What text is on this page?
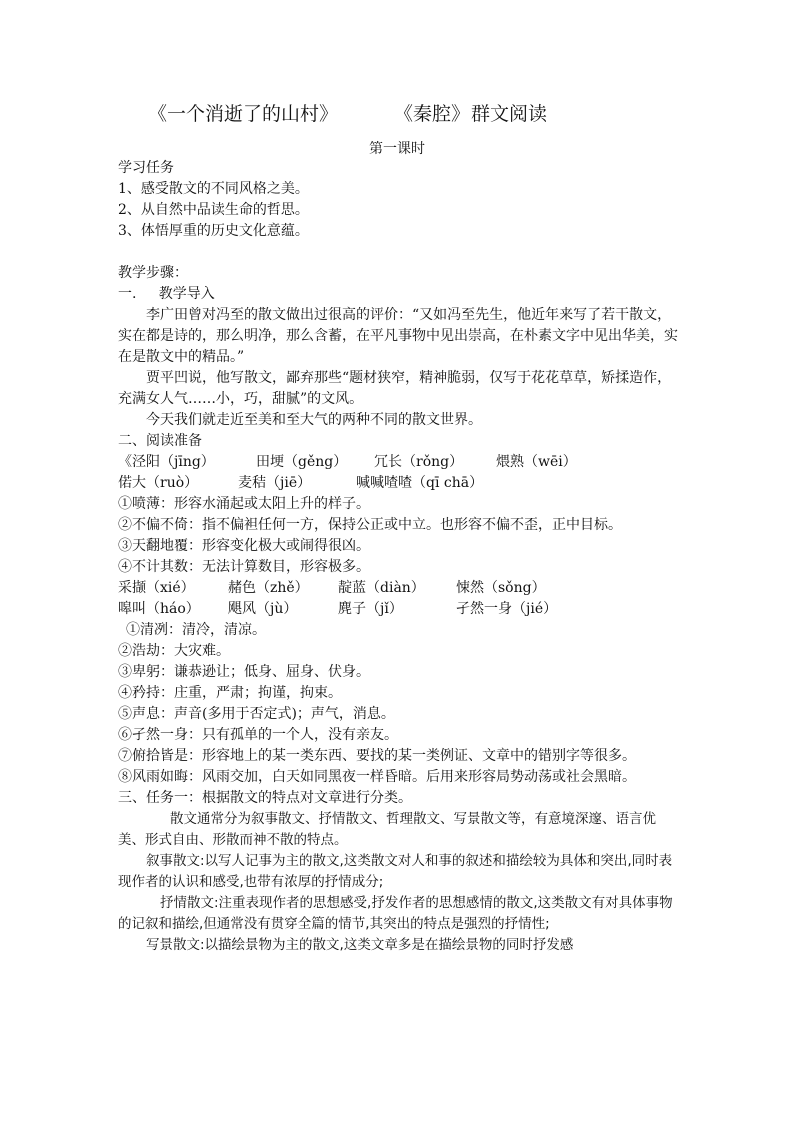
《一个消逝了的山村》	《秦腔》 群文阅读
第一课时

学习任务

1、感受散文的不同风格之美。

2、从自然中品读生命的哲思。

3、体悟厚重的历史文化意蕴。

教学步骤：

一.     教学导入

李广田曾对冯至的散文做出过很高的评价：“又如冯至先生，他近年来写了若干散文，实在都是诗的，那么明净，那么含蓄，在平凡事物中见出崇高，在朴素文字中见出华美，实在是散文中的精品。”

贾平凹说，他写散文，鄙弃那些“题材狭窄，精神脆弱，仅写于花花草草，矫揉造作，充满女人气……小，巧，甜腻”的文风。

今天我们就走近至美和至大气的两种不同的散文世界。

二、阅读准备

《泾阳（jīng）	田埂（gěng） 冗长（rǒng） 煨熟（wēi）
偌大（ruò）	麦秸（jiē）	喊喊喳喳（qī chā）

①喷薄：形容水涌起或太阳上升的样子。

②不偏不倚：指不偏袒任何一方，保持公正或中立。也形容不偏不歪，正中目标。

③天翻地覆：形容变化极大或闹得很凶。

④不计其数：无法计算数目，形容极多。

采撷（xié） 赭色（zhě） 靛蓝（diàn） 悚然（sǒng）
嗥叫（háo） 飓风（jù）	麂子（jǐ）	孑然一身（jié）

①清冽：清冷，清凉。

②浩劫：大灾难。

③卑躬：谦恭逊让；低身、屈身、伏身。

④矜持：庄重，严肃；拘谨，拘束。

⑤声息：声音(多用于否定式)；声气，消息。

⑥孑然一身：只有孤单的一个人，没有亲友。

⑦俯拾皆是：形容地上的某一类东西、要找的某一类例证、文章中的错别字等很多。

⑧风雨如晦：风雨交加，白天如同黑夜一样昏暗。后用来形容局势动荡或社会黑暗。

三、任务一：根据散文的特点对文章进行分类。

散文通常分为叙事散文、抒情散文、哲理散文、写景散文等，有意境深邃、语言优美、形式自由、形散而神不散的特点。

叙事散文:以写人记事为主的散文,这类散文对人和事的叙述和描绘较为具体和突出,同时表现作者的认识和感受,也带有浓厚的抒情成分;

抒情散文:注重表现作者的思想感受,抒发作者的思想感情的散文,这类散文有对具体事物的记叙和描绘,但通常没有贯穿全篇的情节,其突出的特点是强烈的抒情性;

写景散文:以描绘景物为主的散文,这类文章多是在描绘景物的同时抒发感
